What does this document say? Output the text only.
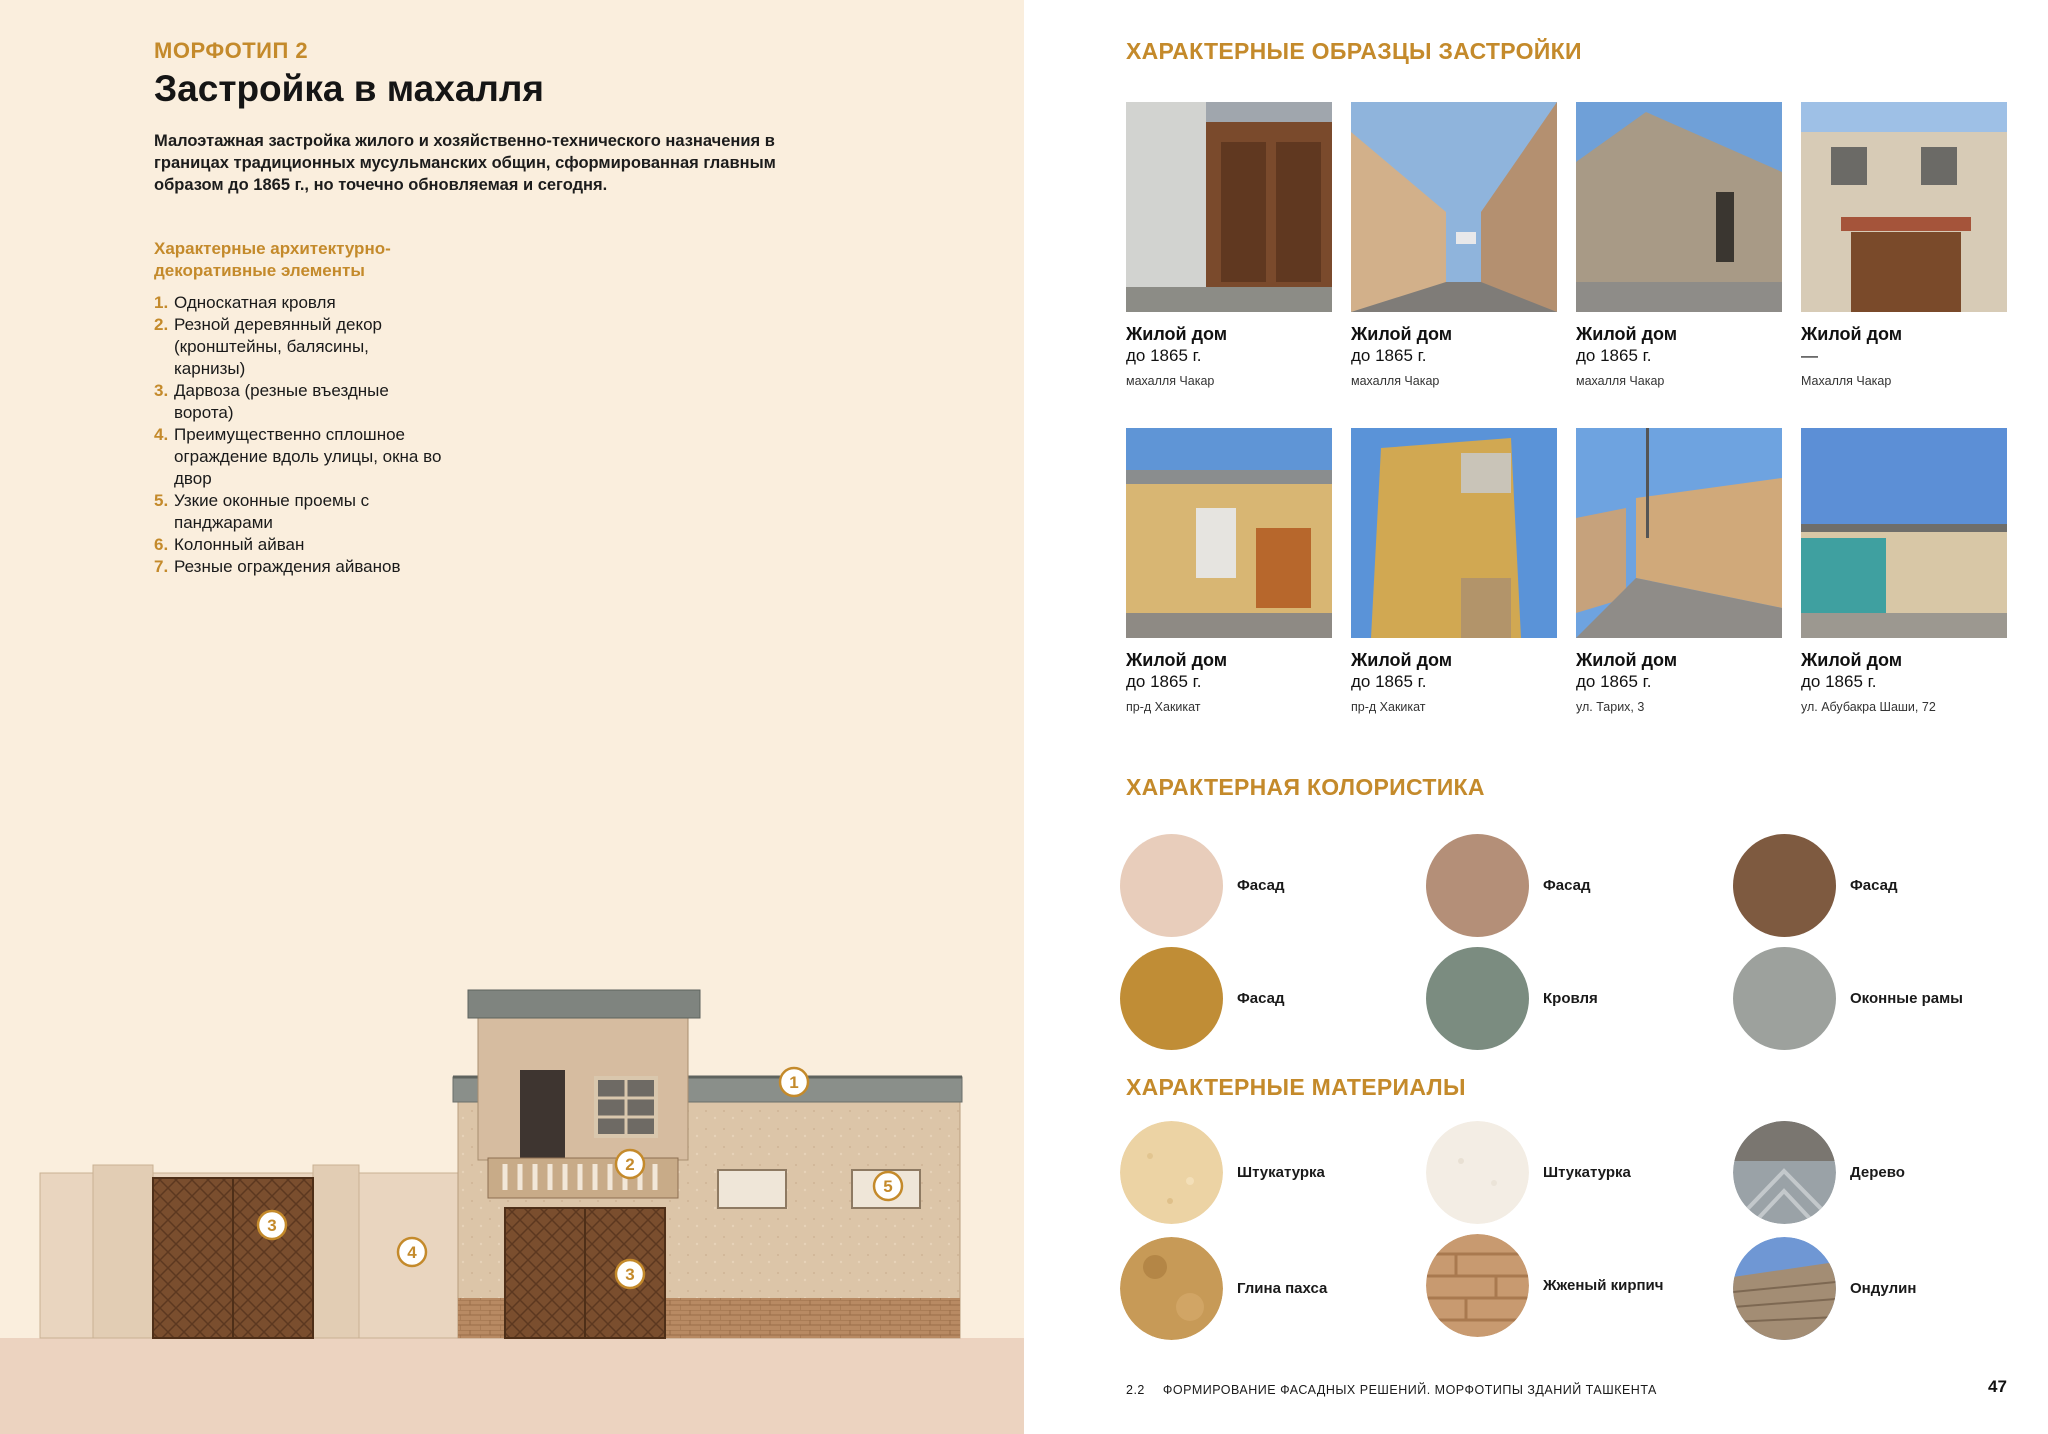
МОРФОТИП 2
Застройка в махалля
Малоэтажная застройка жилого и хозяйственно-технического назначения в границах традиционных мусульманских общин, сформированная главным образом до 1865 г., но точечно обновляемая и сегодня.
Характерные архитектурно-декоративные элементы
1. Односкатная кровля
2. Резной деревянный декор (кронштейны, балясины, карнизы)
3. Дарвоза (резные въездные ворота)
4. Преимущественно сплошное ограждение вдоль улицы, окна во двор
5. Узкие оконные проемы с панджарами
6. Колонный айван
7. Резные ограждения айванов
1
2
3
4
5
3
ХАРАКТЕРНЫЕ ОБРАЗЦЫ ЗАСТРОЙКИ
Жилой дом
до 1865 г.
махалля Чакар
Жилой дом
до 1865 г.
махалля Чакар
Жилой дом
до 1865 г.
махалля Чакар
Жилой дом
—
Махалля Чакар
Жилой дом
до 1865 г.
пр-д Хакикат
Жилой дом
до 1865 г.
пр-д Хакикат
Жилой дом
до 1865 г.
ул. Тарих, 3
Жилой дом
до 1865 г.
ул. Абубакра Шаши, 72
ХАРАКТЕРНАЯ КОЛОРИСТИКА
Фасад	Фасад	Фасад
Фасад	Кровля	Оконные рамы
ХАРАКТЕРНЫЕ МАТЕРИАЛЫ
Штукатурка	Штукатурка	Дерево
Глина пахса	Жженый кирпич	Ондулин
2.2 ФОРМИРОВАНИЕ ФАСАДНЫХ РЕШЕНИЙ. МОРФОТИПЫ ЗДАНИЙ ТАШКЕНТА	47
